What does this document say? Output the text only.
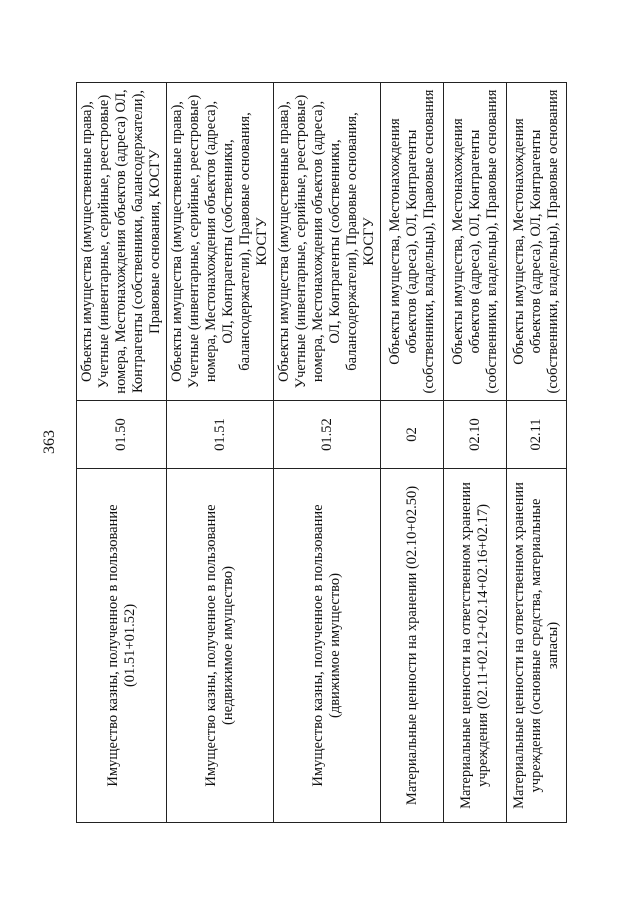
363
Имущество казны, полученное в пользование (01.51+01.52)	01.50	Объекты имущества (имущественные права), Учетные (инвентарные, серийные, реестровые) номера, Местонахождения объектов (адреса) ОЛ, Контрагенты (собственники, балансодержатели), Правовые основания, КОСГУ
Имущество казны, полученное в пользование (недвижимое имущество)	01.51	Объекты имущества (имущественные права), Учетные (инвентарные, серийные, реестровые) номера, Местонахождения объектов (адреса), ОЛ, Контрагенты (собственники, балансодержатели), Правовые основания, КОСГУ
Имущество казны, полученное в пользование (движимое имущество)	01.52	Объекты имущества (имущественные права), Учетные (инвентарные, серийные, реестровые) номера, Местонахождения объектов (адреса), ОЛ, Контрагенты (собственники, балансодержатели), Правовые основания, КОСГУ
Материальные ценности на хранении (02.10+02.50)	02	Объекты имущества, Местонахождения объектов (адреса), ОЛ, Контрагенты (собственники, владельцы), Правовые основания
Материальные ценности на ответственном хранении учреждения (02.11+02.12+02.14+02.16+02.17)	02.10	Объекты имущества, Местонахождения объектов (адреса), ОЛ, Контрагенты (собственники, владельцы), Правовые основания
Материальные ценности на ответственном хранении учреждения (основные средства, материальные запасы)	02.11	Объекты имущества, Местонахождения объектов (адреса), ОЛ, Контрагенты (собственники, владельцы), Правовые основания
